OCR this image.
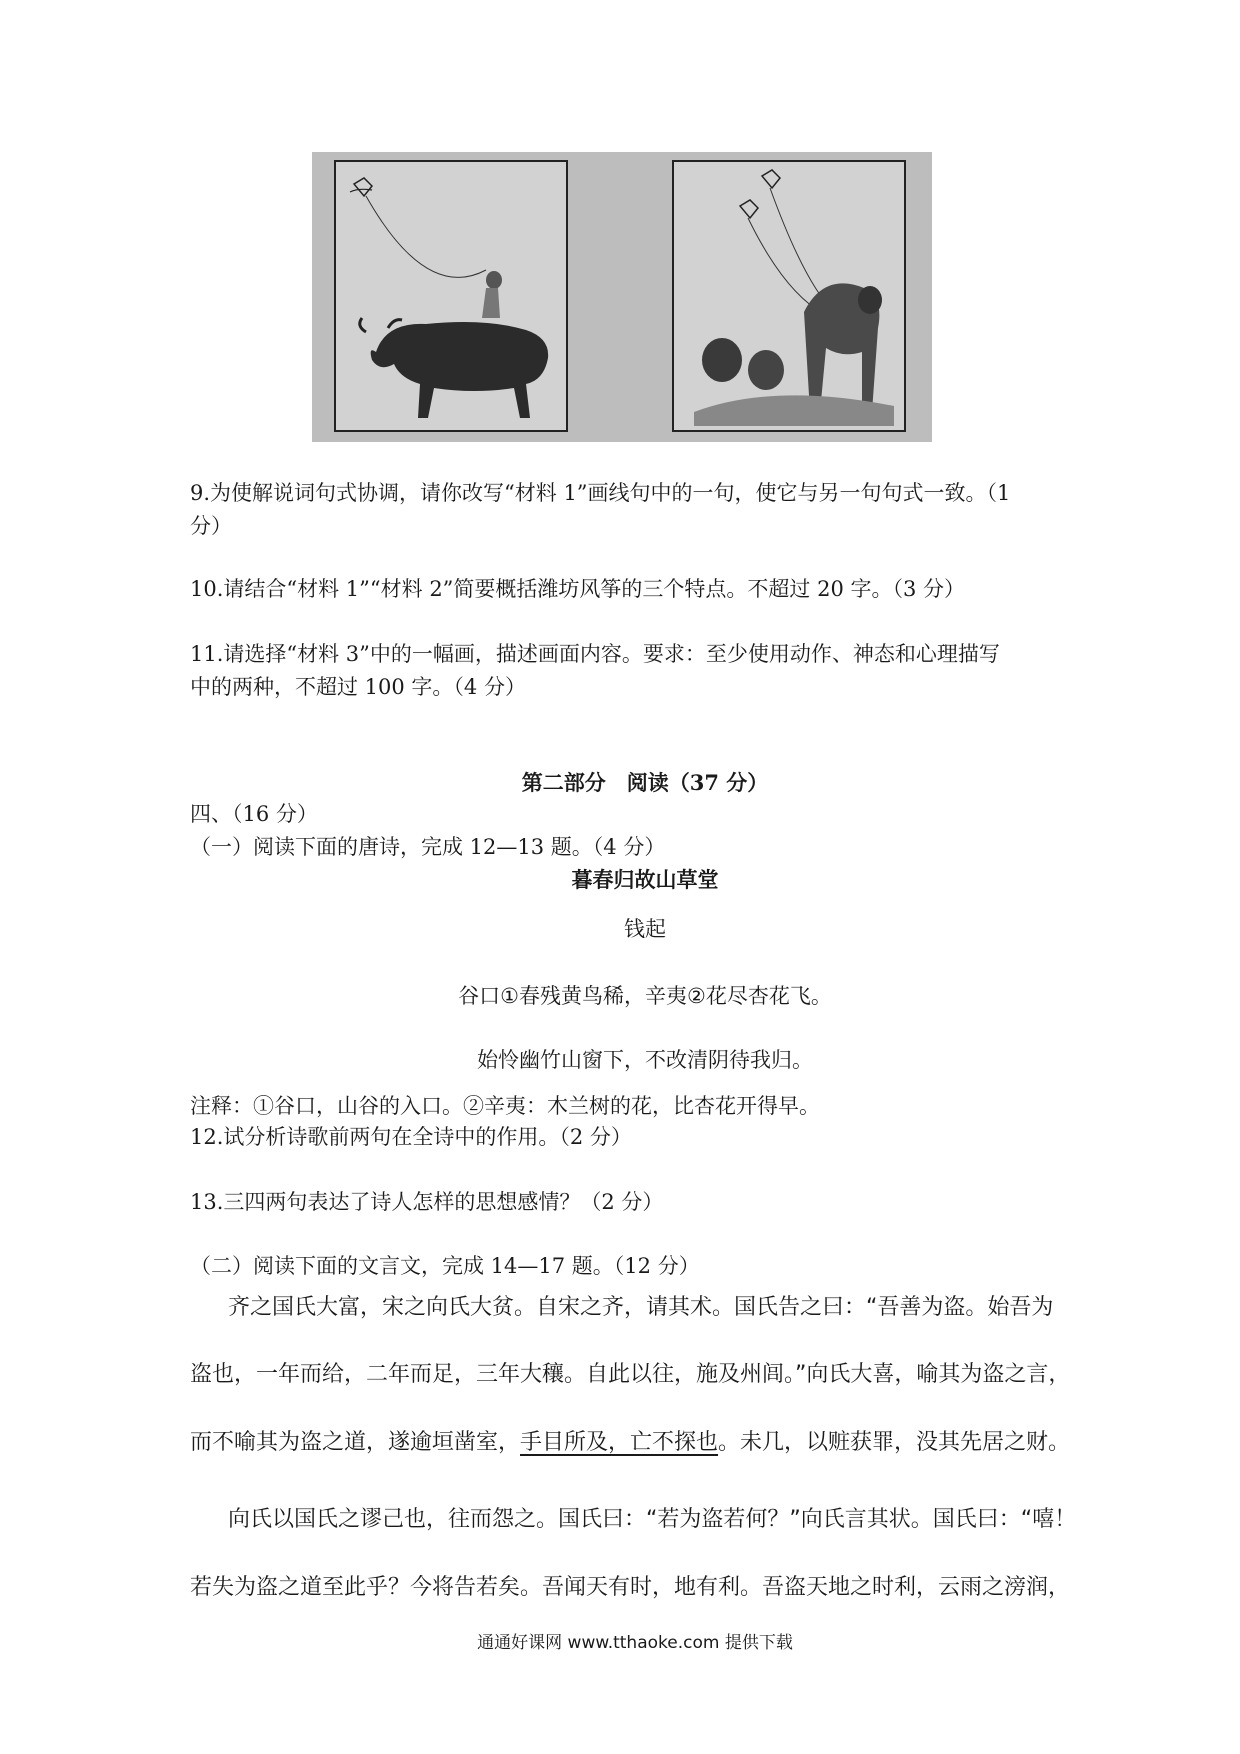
9.为使解说词句式协调，请你改写“材料 1”画线句中的一句，使它与另一句句式一致。（1
分）
10.请结合“材料 1”“材料 2”简要概括潍坊风筝的三个特点。不超过 20 字。（3 分）
11.请选择“材料 3”中的一幅画，描述画面内容。要求：至少使用动作、神态和心理描写
中的两种，不超过 100 字。（4 分）
第二部分　阅读（37 分）
四、（16 分）
（一）阅读下面的唐诗，完成 12—13 题。（4 分）
暮春归故山草堂
钱起
谷口①春残黄鸟稀，辛夷②花尽杏花飞。
始怜幽竹山窗下，不改清阴待我归。
注释：①谷口，山谷的入口。②辛夷：木兰树的花，比杏花开得早。
12.试分析诗歌前两句在全诗中的作用。（2 分）
13.三四两句表达了诗人怎样的思想感情？（2 分）
（二）阅读下面的文言文，完成 14—17 题。（12 分）
齐之国氏大富，宋之向氏大贫。自宋之齐，请其术。国氏告之曰：“吾善为盗。始吾为
盗也，一年而给，二年而足，三年大穰。自此以往，施及州闾。”向氏大喜，喻其为盗之言，
而不喻其为盗之道，遂逾垣凿室，手目所及，亡不探也。未几，以赃获罪，没其先居之财。
向氏以国氏之谬己也，往而怨之。国氏曰：“若为盗若何？”向氏言其状。国氏曰：“嘻！
若失为盗之道至此乎？今将告若矣。吾闻天有时，地有利。吾盗天地之时利，云雨之滂润，
通通好课网 www.tthaoke.com 提供下载
